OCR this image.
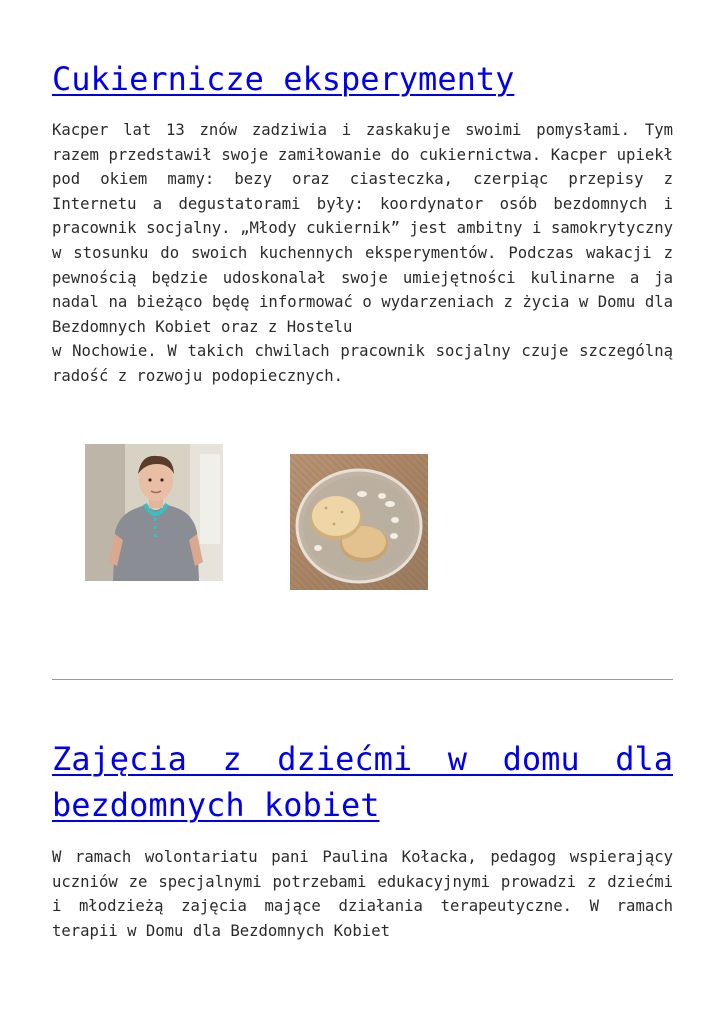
Cukiernicze eksperymenty

Kacper lat 13 znów zadziwia i zaskakuje swoimi pomysłami. Tym razem przedstawił swoje zamiłowanie do cukiernictwa. Kacper upiekł pod okiem mamy: bezy oraz ciasteczka, czerpiąc przepisy z Internetu a degustatorami były: koordynator osób bezdomnych i pracownik socjalny. „Młody cukiernik” jest ambitny i samokrytyczny w stosunku do swoich kuchennych eksperymentów. Podczas wakacji z pewnością będzie udoskonalał swoje umiejętności kulinarne a ja nadal na bieżąco będę informować o wydarzeniach z życia w Domu dla Bezdomnych Kobiet oraz z Hostelu

w Nochowie. W takich chwilach pracownik socjalny czuje szczególną radość z rozwoju podopiecznych.

Zajęcia z dziećmi w domu dla bezdomnych kobiet

W ramach wolontariatu pani Paulina Kołacka, pedagog wspierający uczniów ze specjalnymi potrzebami edukacyjnymi prowadzi z dziećmi i młodzieżą zajęcia mające działania terapeutyczne. W ramach terapii w Domu dla Bezdomnych Kobiet
